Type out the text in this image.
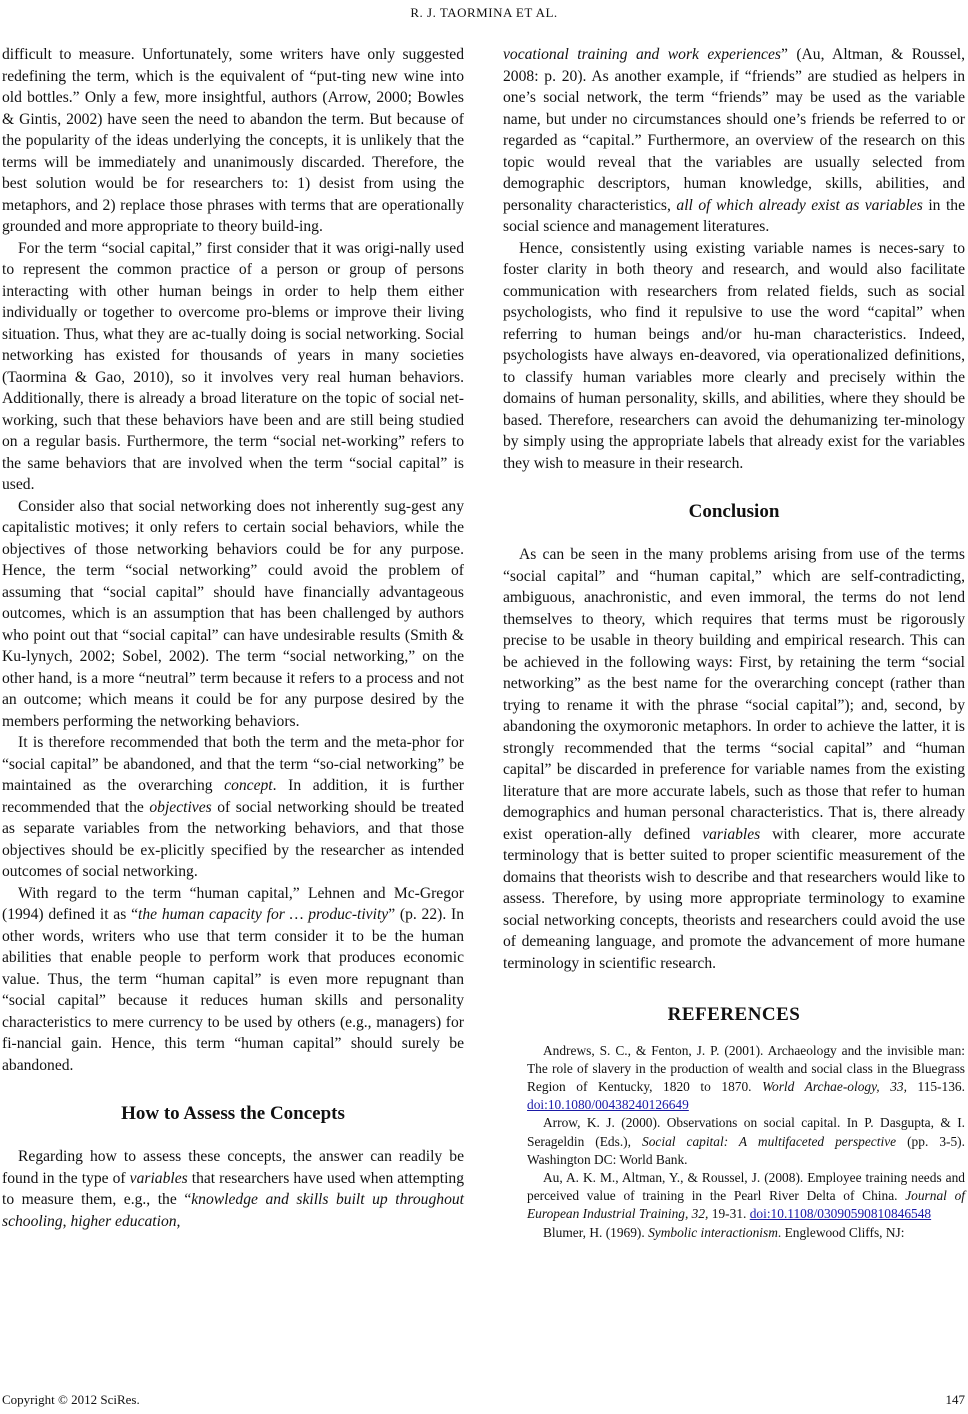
R. J. TAORMINA ET AL.

difficult to measure. Unfortunately, some writers have only suggested redefining the term, which is the equivalent of “put-ting new wine into old bottles.” Only a few, more insightful, authors (Arrow, 2000; Bowles & Gintis, 2002) have seen the need to abandon the term. But because of the popularity of the ideas underlying the concepts, it is unlikely that the terms will be immediately and unanimously discarded. Therefore, the best solution would be for researchers to: 1) desist from using the metaphors, and 2) replace those phrases with terms that are operationally grounded and more appropriate to theory build-ing.

For the term “social capital,” first consider that it was origi-nally used to represent the common practice of a person or group of persons interacting with other human beings in order to help them either individually or together to overcome pro-blems or improve their living situation. Thus, what they are ac-tually doing is social networking. Social networking has existed for thousands of years in many societies (Taormina & Gao, 2010), so it involves very real human behaviors. Additionally, there is already a broad literature on the topic of social net-working, such that these behaviors have been and are still being studied on a regular basis. Furthermore, the term “social net-working” refers to the same behaviors that are involved when the term “social capital” is used.

Consider also that social networking does not inherently sug-gest any capitalistic motives; it only refers to certain social behaviors, while the objectives of those networking behaviors could be for any purpose. Hence, the term “social networking” could avoid the problem of assuming that “social capital” should have financially advantageous outcomes, which is an assumption that has been challenged by authors who point out that “social capital” can have undesirable results (Smith & Ku-lynych, 2002; Sobel, 2002). The term “social networking,” on the other hand, is a more “neutral” term because it refers to a process and not an outcome; which means it could be for any purpose desired by the members performing the networking behaviors.

It is therefore recommended that both the term and the meta-phor for “social capital” be abandoned, and that the term “so-cial networking” be maintained as the overarching concept. In addition, it is further recommended that the objectives of social networking should be treated as separate variables from the networking behaviors, and that those objectives should be ex-plicitly specified by the researcher as intended outcomes of social networking.

With regard to the term “human capital,” Lehnen and Mc-Gregor (1994) defined it as “the human capacity for … produc-tivity” (p. 22). In other words, writers who use that term consider it to be the human abilities that enable people to perform work that produces economic value. Thus, the term “human capital” is even more repugnant than “social capital” because it reduces human skills and personality characteristics to mere currency to be used by others (e.g., managers) for fi-nancial gain. Hence, this term “human capital” should surely be abandoned.

How to Assess the Concepts

Regarding how to assess these concepts, the answer can readily be found in the type of variables that researchers have used when attempting to measure them, e.g., the “knowledge and skills built up throughout schooling, higher education,

vocational training and work experiences” (Au, Altman, & Roussel, 2008: p. 20). As another example, if “friends” are studied as helpers in one’s social network, the term “friends” may be used as the variable name, but under no circumstances should one’s friends be referred to or regarded as “capital.” Furthermore, an overview of the research on this topic would reveal that the variables are usually selected from demographic descriptors, human knowledge, skills, abilities, and personality characteristics, all of which already exist as variables in the social science and management literatures.

Hence, consistently using existing variable names is neces-sary to foster clarity in both theory and research, and would also facilitate communication with researchers from related fields, such as social psychologists, who find it repulsive to use the word “capital” when referring to human beings and/or hu-man characteristics. Indeed, psychologists have always en-deavored, via operationalized definitions, to classify human variables more clearly and precisely within the domains of human personality, skills, and abilities, where they should be based. Therefore, researchers can avoid the dehumanizing ter-minology by simply using the appropriate labels that already exist for the variables they wish to measure in their research.

Conclusion

As can be seen in the many problems arising from use of the terms “social capital” and “human capital,” which are self-contradicting, ambiguous, anachronistic, and even immoral, the terms do not lend themselves to theory, which requires that terms must be rigorously precise to be usable in theory building and empirical research. This can be achieved in the following ways: First, by retaining the term “social networking” as the best name for the overarching concept (rather than trying to rename it with the phrase “social capital”); and, second, by abandoning the oxymoronic metaphors. In order to achieve the latter, it is strongly recommended that the terms “social capital” and “human capital” be discarded in preference for variable names from the existing literature that are more accurate labels, such as those that refer to human demographics and human personal characteristics. That is, there already exist operation-ally defined variables with clearer, more accurate terminology that is better suited to proper scientific measurement of the domains that theorists wish to describe and that researchers would like to assess. Therefore, by using more appropriate terminology to examine social networking concepts, theorists and researchers could avoid the use of demeaning language, and promote the advancement of more humane terminology in scientific research.

REFERENCES

Andrews, S. C., & Fenton, J. P. (2001). Archaeology and the invisible man: The role of slavery in the production of wealth and social class in the Bluegrass Region of Kentucky, 1820 to 1870. World Archae-ology, 33, 115-136. doi:10.1080/00438240126649

Arrow, K. J. (2000). Observations on social capital. In P. Dasgupta, & I. Serageldin (Eds.), Social capital: A multifaceted perspective (pp. 3-5). Washington DC: World Bank.

Au, A. K. M., Altman, Y., & Roussel, J. (2008). Employee training needs and perceived value of training in the Pearl River Delta of China. Journal of European Industrial Training, 32, 19-31. doi:10.1108/03090590810846548

Blumer, H. (1969). Symbolic interactionism. Englewood Cliffs, NJ:

Copyright © 2012 SciRes.	147
